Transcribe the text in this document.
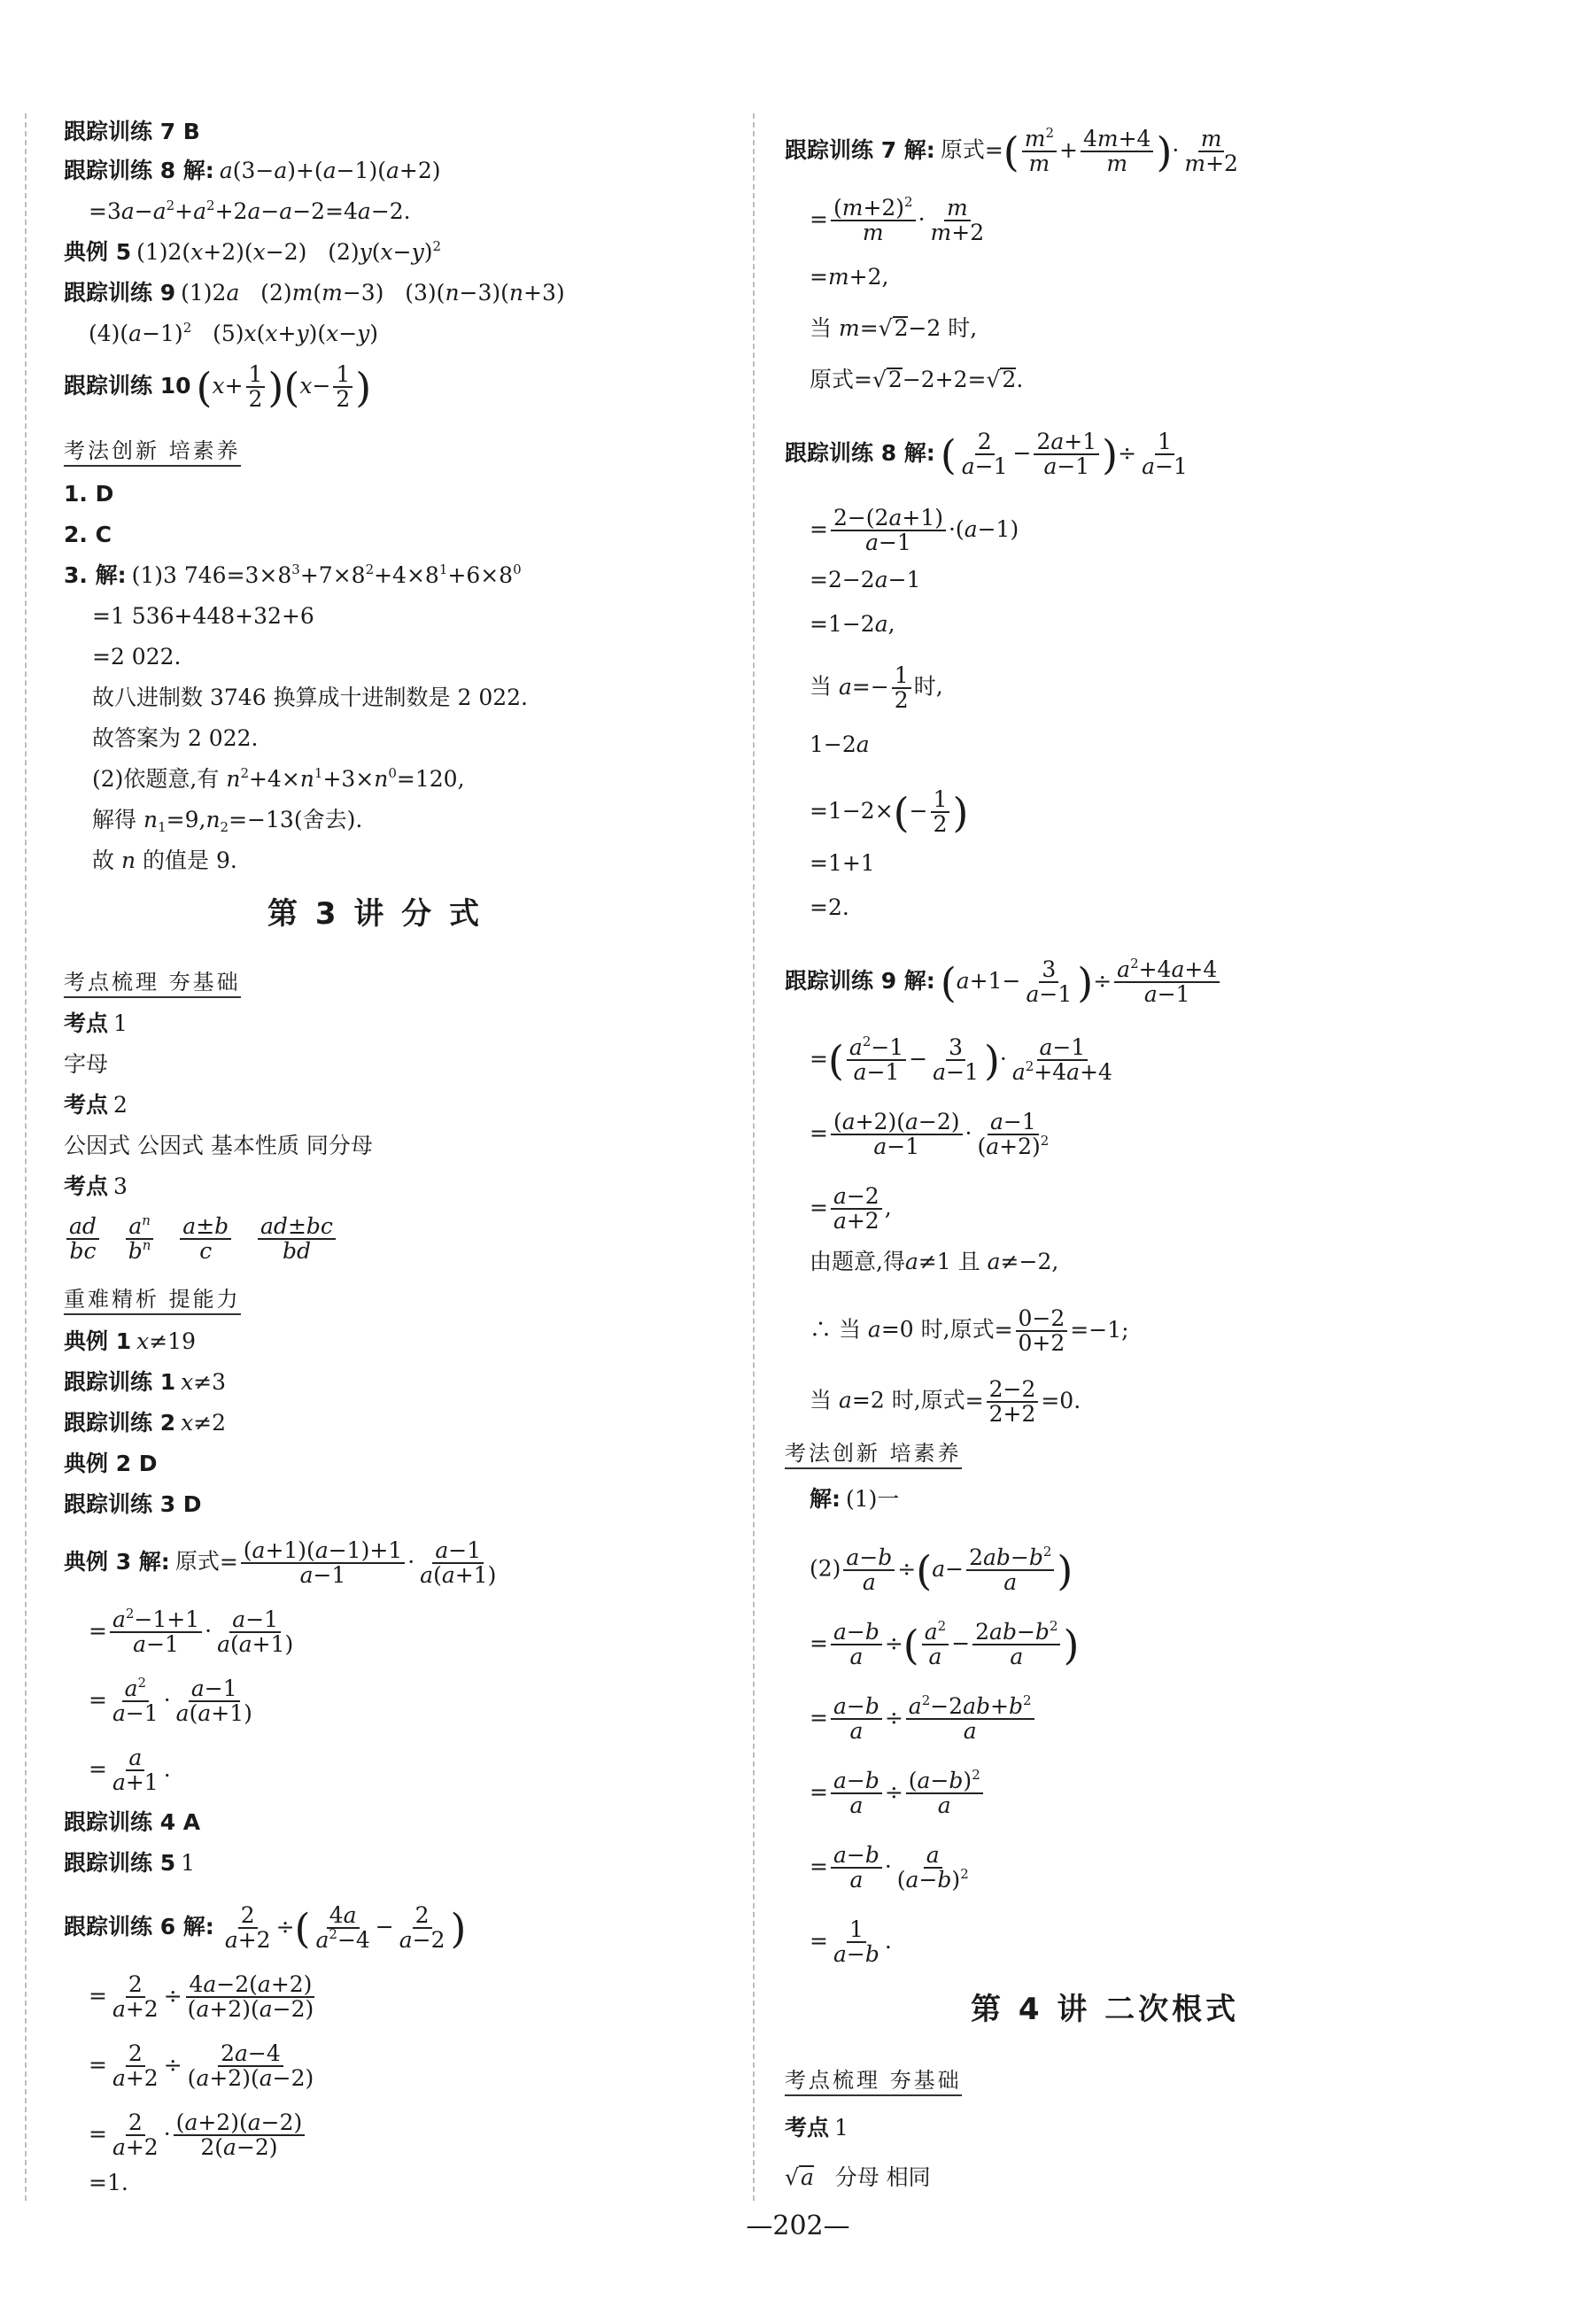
跟踪训练 7 B
跟踪训练 8 解: a(3−a)+(a−1)(a+2)
$=3a-a^2+a^2+2a-a-2=4a-2$.
典例 5 (1)2(x+2)(x−2)   $(2)y(x-y)^2$
跟踪训练 9 (1)2a   (2)m(m−3)   (3)(n−3)(n+3)
$(4)(a-1)^2$   (5)x(x+y)(x−y)
跟踪训练 10 $(x+ \frac{1}{2} )(x- \frac{1}{2}$ )
考法创新 培素养
1. D
2. C
3. 解: (1)3 $746=3\times 8^3+7\times 8^2+4\times 8^1+6\times 8^0$
=1 536+448+32+6
=2 022.
故八进制数 3746 换算成十进制数是 2 022.
故答案为 2 022.
(2)依题意,有 $n^2+4\times n^1+3\times n^0=120$,
解得 $n_1=9,n_2=-13$(舍去).
故 n 的值是 9.
第 3 讲 分 式
考点梳理 夯基础
考点 1
字母
考点 2
公因式 公因式 基本性质 同分母
考点 3
$\frac{ad}{bc}$
$\frac{a^n}{b^n}$
$\frac{a\pm b}{c}$
$\frac{ad\pm bc}{bd}$
重难精析 提能力
典例 1 x≠19
跟踪训练 1 x≠3
跟踪训练 2 x≠2
典例 2 D
跟踪训练 3 D
典例 3 解: 原式= $\frac{(a+1)(a-1)+1}{a-1} \cdot \frac{a-1}{a(a+1)}$
= $\frac{a^2-1+1}{a-1} \cdot \frac{a-1}{a(a+1)}$
= $\frac{a^2}{a-1} \cdot \frac{a-1}{a(a+1)}$
= $\frac{a}{a+1}$ .
跟踪训练 4 A
跟踪训练 5 1
跟踪训练 6 解: $\frac{2}{a+2}$ ÷( $\frac{4a}{a^2-4} - \frac{2}{a-2}$ )
= $\frac{2}{a+2} \div \frac{4a-2(a+2)}{(a+2)(a-2)}$
= $\frac{2}{a+2} \div \frac{2a-4}{(a+2)(a-2)}$
= $\frac{2}{a+2} \cdot \frac{(a+2)(a-2)}{2(a-2)}$
=1.
跟踪训练 7 解: 原式=( $\frac{m^2}{m} + \frac{4m+4}{m}$ )· $\frac{m}{m+2}$
= $\frac{(m+2)^2}{m} \cdot \frac{m}{m+2}$
=m+2,
当 m=√2−2 时,
原式=√2−2+2=√2.
跟踪训练 8 解: ( $\frac{2}{a-1} - \frac{2a+1}{a-1}$ )÷ $\frac{1}{a-1}$
= $\frac{2-(2a+1)}{a-1} \cdot(a-1)$
=2−2a−1
=1−2a,
当 $a=- \frac{1}{2}$ 时,
1−2a
$=1-2\times(- \frac{1}{2}$ )
=1+1
=2.
跟踪训练 9 解: ($a+1- \frac{3}{a-1}$ )÷ $\frac{a^2+4a+4}{a-1}$
=( $\frac{a^2-1}{a-1} - \frac{3}{a-1}$ )· $\frac{a-1}{a^2+4a+4}$
= $\frac{(a+2)(a-2)}{a-1} \cdot \frac{a-1}{(a+2)^2}$
= $\frac{a-2}{a+2}$ ,
由题意,得a≠1 且 a≠−2,
∴ 当 a=0 时,原式= $\frac{0-2}{0+2} =-1$;
当 a=2 时,原式= $\frac{2-2}{2+2} =0$.
考法创新 培素养
解: (1)一
$(2) \frac{a-b}{a} \div(a- \frac{2ab-b^2}{a}$ )
= $\frac{a-b}{a}$ ÷( $\frac{a^2}{a} - \frac{2ab-b^2}{a}$ )
= $\frac{a-b}{a} \div \frac{a^2-2ab+b^2}{a}$
= $\frac{a-b}{a} \div \frac{(a-b)^2}{a}$
= $\frac{a-b}{a} \cdot \frac{a}{(a-b)^2}$
= $\frac{1}{a-b}$ .
第 4 讲 二次根式
考点梳理 夯基础
考点 1
√a 分母 相同
—202—
